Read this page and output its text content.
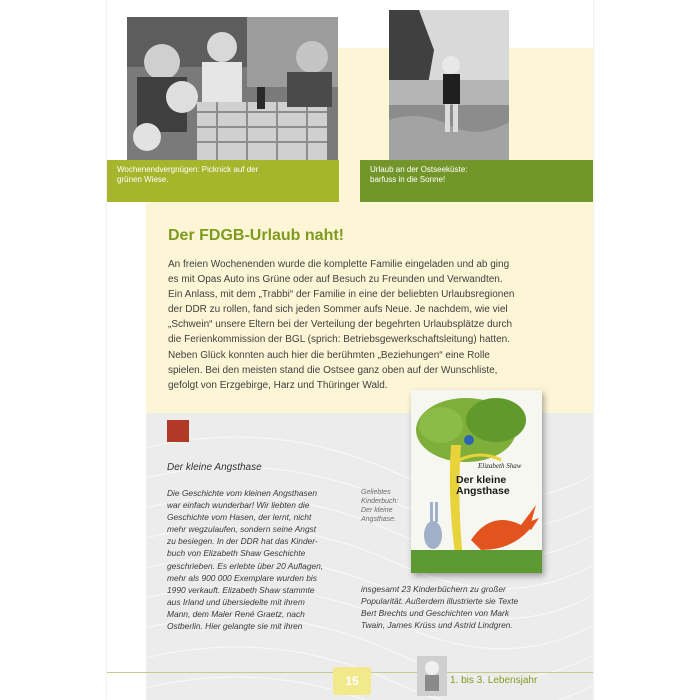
Wochenendvergnügen: Picknick auf der
grünen Wiese.
Urlaub an der Ostseeküste:
barfuss in die Sonne!
Der FDGB-Urlaub naht!
An freien Wochenenden wurde die komplette Familie eingeladen und ab ging
es mit Opas Auto ins Grüne oder auf Besuch zu Freunden und Verwandten.
Ein Anlass, mit dem „Trabbi“ der Familie in eine der beliebten Urlaubsregionen
der DDR zu rollen, fand sich jeden Sommer aufs Neue. Je nachdem, wie viel
„Schwein“ unsere Eltern bei der Verteilung der begehrten Urlaubsplätze durch
die Ferienkommission der BGL (sprich: Betriebsgewerkschaftsleitung) hatten.
Neben Glück konnten auch hier die berühmten „Beziehungen“ eine Rolle
spielen. Bei den meisten stand die Ostsee ganz oben auf der Wunschliste,
gefolgt von Erzgebirge, Harz und Thüringer Wald.
Der kleine Angsthase
Die Geschichte vom kleinen Angsthasen
war einfach wunderbar! Wir liebten die
Geschichte vom Hasen, der lernt, nicht
mehr wegzulaufen, sondern seine Angst
zu besiegen. In der DDR hat das Kinder-
buch von Elizabeth Shaw Geschichte
geschrieben. Es erlebte über 20 Auflagen,
mehr als 900 000 Exemplare wurden bis
1990 verkauft. Elizabeth Shaw stammte
aus Irland und übersiedelte mit ihrem
Mann, dem Maler René Graetz, nach
Ostberlin. Hier gelangte sie mit ihren
Geliebtes
Kinderbuch:
Der kleine
Angsthase.
Elizabeth Shaw
Der kleine
Angsthase
insgesamt 23 Kinderbüchern zu großer
Popularität. Außerdem illustrierte sie Texte
Bert Brechts und Geschichten von Mark
Twain, James Krüss und Astrid Lindgren.
15	1. bis 3. Lebensjahr
